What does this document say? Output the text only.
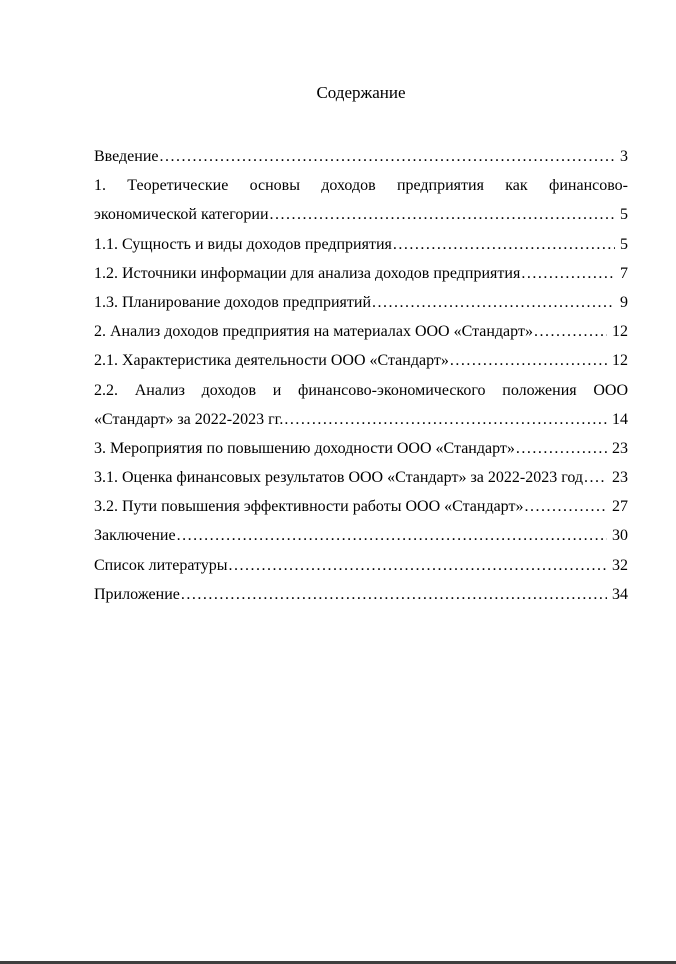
Содержание
Введение .....	3
1. Теоретические основы доходов предприятия как финансово-
экономической категории .....	5
1.1. Сущность и виды доходов предприятия .....	5
1.2. Источники информации для анализа доходов предприятия .....	7
1.3. Планирование доходов предприятий .....	9
2. Анализ доходов предприятия на материалах ООО «Стандарт» .....	12
2.1. Характеристика деятельности ООО «Стандарт» .....	12
2.2. Анализ доходов и финансово-экономического положения ООО
«Стандарт» за 2022-2023 гг. .....	14
3. Мероприятия по повышению доходности ООО «Стандарт» .....	23
3.1. Оценка финансовых результатов ООО «Стандарт» за 2022-2023 год ..... 23
3.2. Пути повышения эффективности работы ООО «Стандарт» .....	27
Заключение .....	30
Список литературы .....	32
Приложение .....	34
